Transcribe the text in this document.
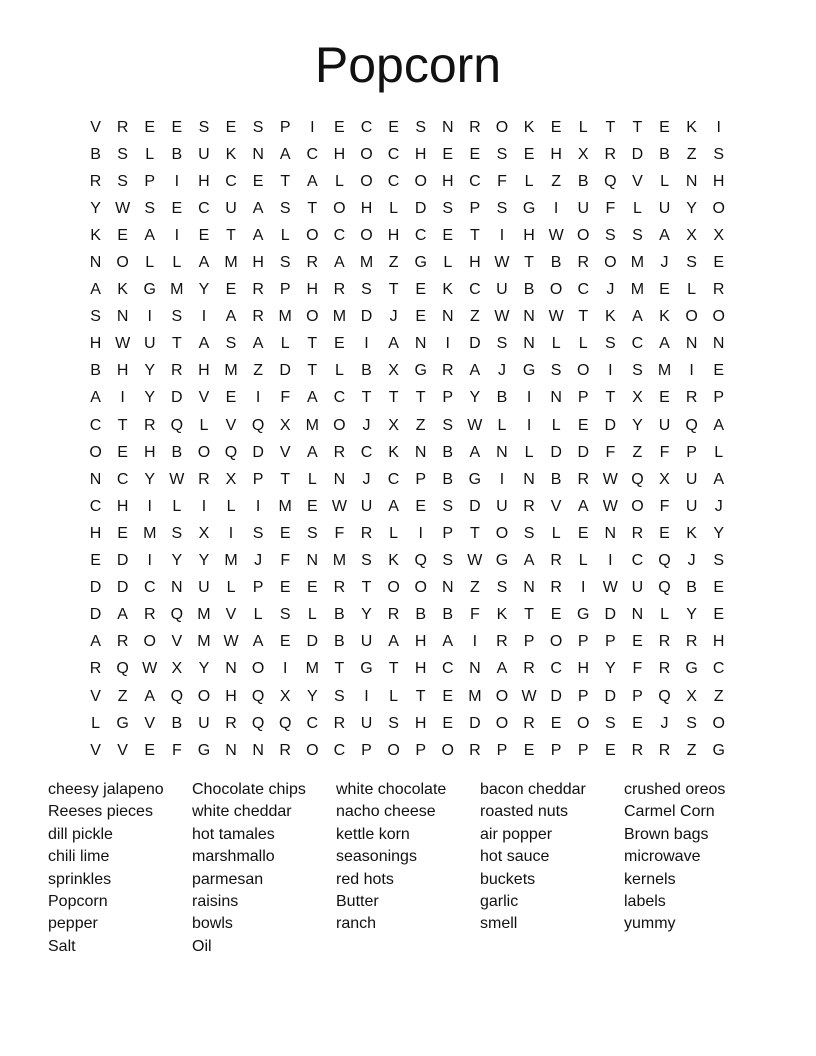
Popcorn
V R E	E	S	E	S	P	I	E C E	S N R O K	E	L	T	T	E	K	I
B	S	L	B U K N A C H O C H E	E	S	E H X R D B	Z	S
R S	P	I	H C E	T	A	L	O C O H C	F	L	Z	B Q V	L	N H
Y W S	E C U A	S	T O H	L	D S	P	S G	I	U	F	L	U Y O
K	E	A	I	E	T	A	L	O C O H C E	T	I	H W O S	S	A	X	X
N O	L	L	A M H S R A M Z G	L	H W T	B R O M	J	S	E
A	K G M Y	E R P H R S	T	E	K C U B O C	J	M E	L	R
S N	I	S	I	A R M O M D	J	E N	Z W N W T	K	A	K O O
H W U	T	A	S	A	L	T	E	I	A N	I	D S N	L	L	S C A N N
B H Y R H M Z	D	T	L	B	X G R A	J	G S O	I	S M	I	E
A	I	Y D V	E	I	F	A C	T	T	T	P	Y	B	I	N P	T	X	E R P
C	T	R Q	L	V Q X M O	J	X	Z	S W L	I	L	E D Y U Q A
O E H B O Q D V	A R C K N B	A N	L	D D	F	Z	F	P	L
N C Y W R X	P	T	L	N	J	C P	B G	I	N B R W Q X U A
C H	I	L	I	L	I	M E W U A	E	S D U R V	A W O F	U	J
H E M S	X	I	S	E	S	F	R	L	I	P	T O S	L	E N R E	K	Y
E D	I	Y	Y M	J	F	N M S	K Q S W G A R	L	I	C Q	J	S
D D C N U	L	P	E	E R	T O O N	Z	S N R	I	W U Q B	E
D A R Q M V	L	S	L	B	Y R B	B	F	K	T	E G D N	L	Y	E
A R O V M W A	E D B U A H A	I	R P O P	P	E R R H
R Q W X	Y N O	I	M T G T	H C N A R C H Y	F	R G C
V	Z	A Q O H Q X	Y	S	I	L	T	E M O W D P D P Q X	Z
L	G V	B U R Q Q C R U S H E D O R E O S	E	J	S O
V	V	E	F G N N R O C P O P O R P	E	P	P	E R R	Z G
cheesy jalapeno
Reeses pieces
dill pickle
chili lime
sprinkles
Popcorn
pepper
Salt
Chocolate chips
white cheddar
hot tamales
marshmallo
parmesan
raisins
bowls
Oil
white chocolate
nacho cheese
kettle korn
seasonings
red hots
Butter
ranch
bacon cheddar
roasted nuts
air popper
hot sauce
buckets
garlic
smell
crushed oreos
Carmel Corn
Brown bags
microwave
kernels
labels
yummy
